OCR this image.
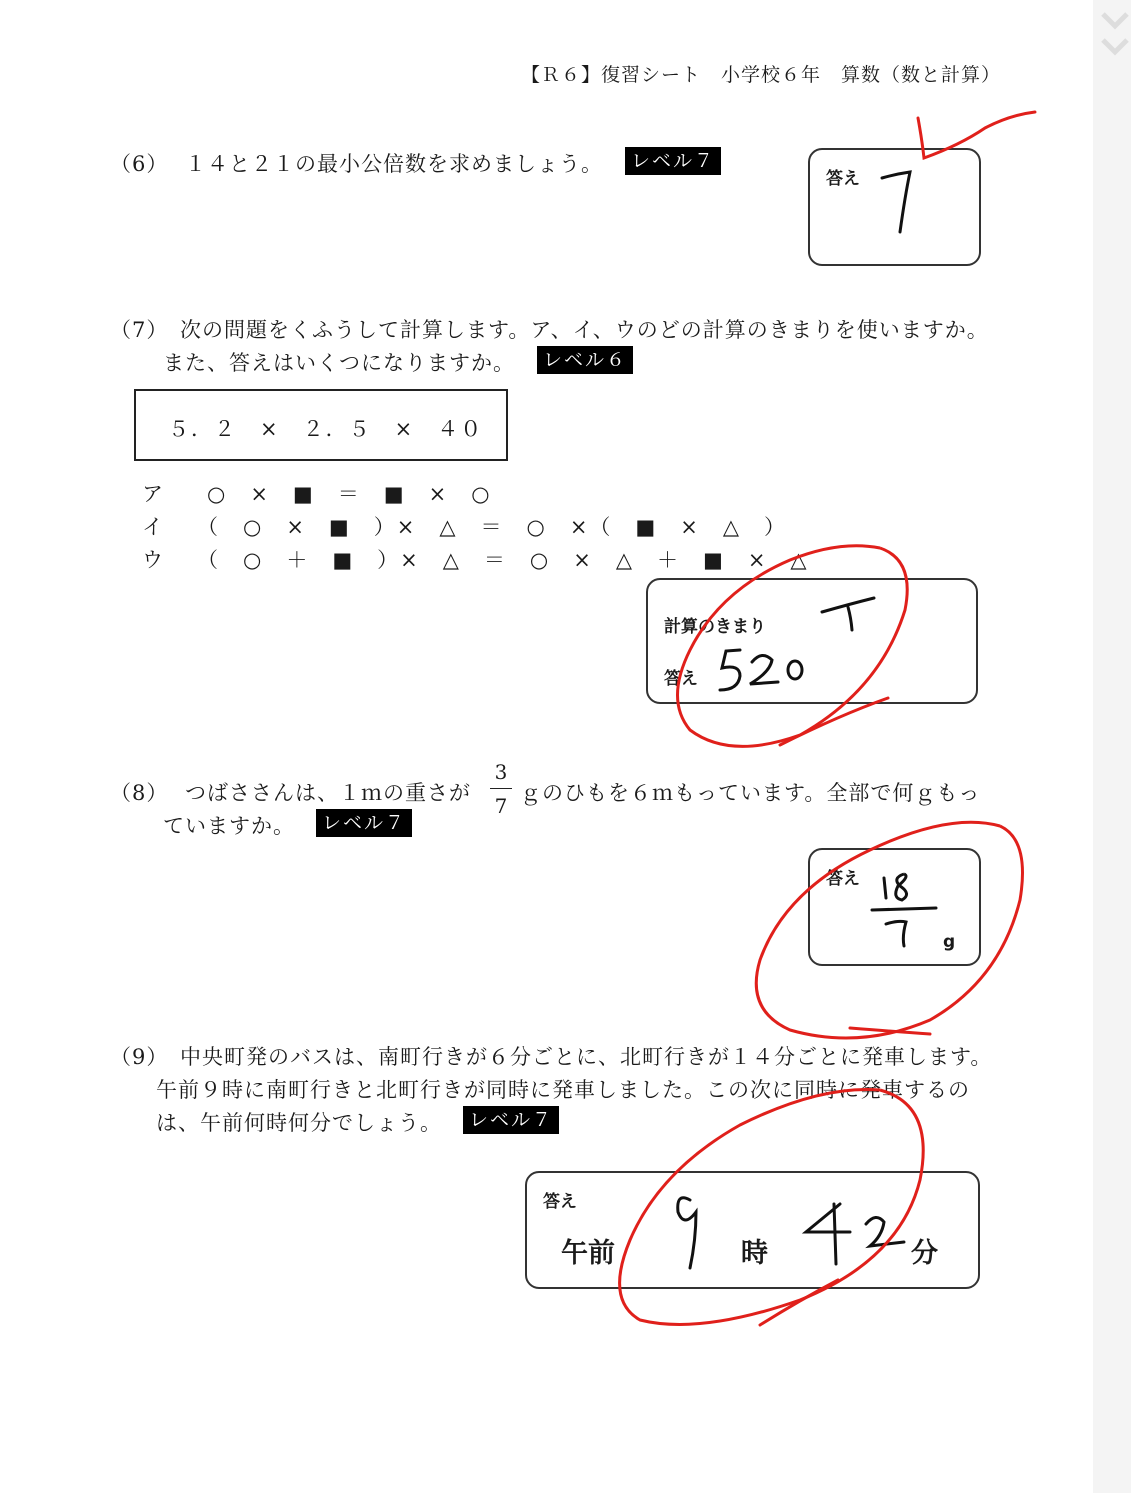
【Ｒ６】復習シート　小学校６年　算数（数と計算）
（6） １４と２１の最小公倍数を求めましょう。	レベル７
答え
（7） 次の問題をくふうして計算します。ア、イ、ウのどの計算のきまりを使いますか。
また、答えはいくつになりますか。	レベル６
５．２　×　２．５　×　４０
ア ○　×　■　＝　■　×　○
イ （　○　×　■　）×　△　＝　○　×（　■　×　△　）
ウ （　○　＋　■　）×　△　＝　○　×　△　＋　■　×　△
計算のきまり
答え
（8） つばささんは、１ｍの重さが
3
7
ｇのひもを６ｍもっています。全部で何ｇもっ
ていますか。	レベル７
答え
g
（9） 中央町発のバスは、南町行きが６分ごとに、北町行きが１４分ごとに発車します。
午前９時に南町行きと北町行きが同時に発車しました。この次に同時に発車するの
は、午前何時何分でしょう。	レベル７
答え
午前	時	分
